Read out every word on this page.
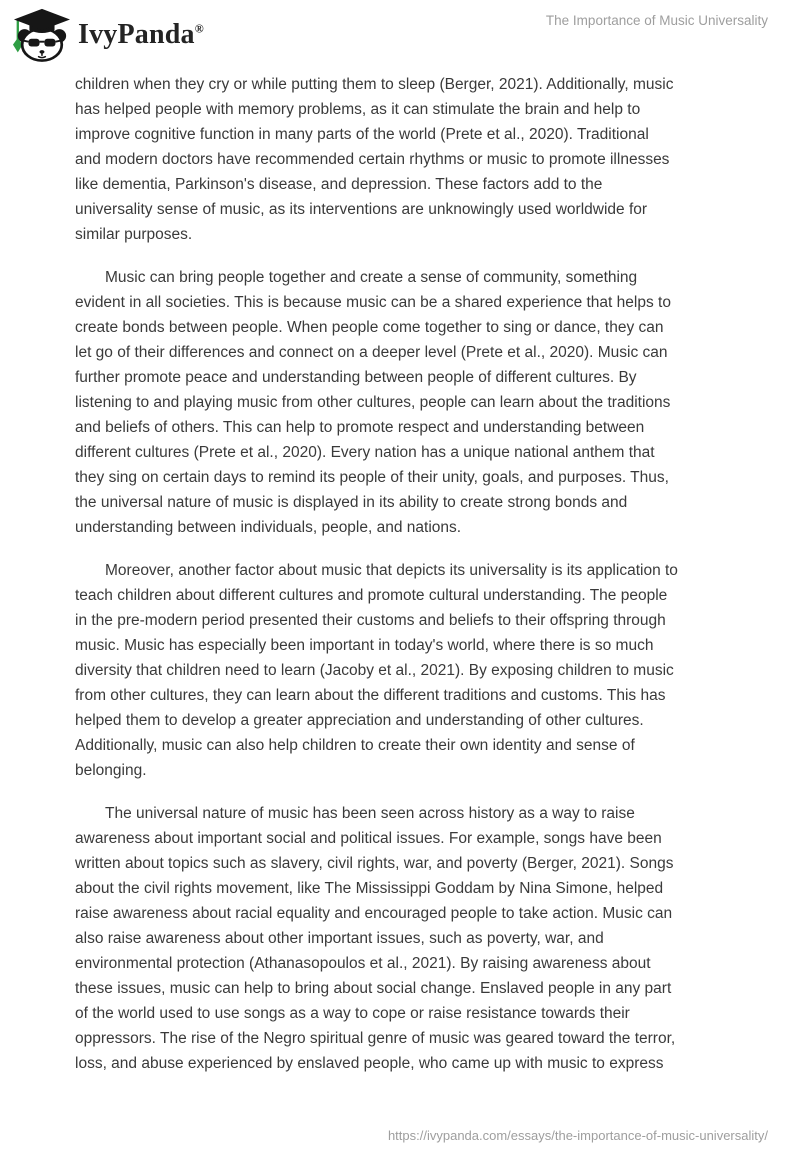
IvyPanda®
The Importance of Music Universality

children when they cry or while putting them to sleep (Berger, 2021). Additionally, music
has helped people with memory problems, as it can stimulate the brain and help to
improve cognitive function in many parts of the world (Prete et al., 2020). Traditional
and modern doctors have recommended certain rhythms or music to promote illnesses
like dementia, Parkinson's disease, and depression. These factors add to the
universality sense of music, as its interventions are unknowingly used worldwide for
similar purposes.

Music can bring people together and create a sense of community, something
evident in all societies. This is because music can be a shared experience that helps to
create bonds between people. When people come together to sing or dance, they can
let go of their differences and connect on a deeper level (Prete et al., 2020). Music can
further promote peace and understanding between people of different cultures. By
listening to and playing music from other cultures, people can learn about the traditions
and beliefs of others. This can help to promote respect and understanding between
different cultures (Prete et al., 2020). Every nation has a unique national anthem that
they sing on certain days to remind its people of their unity, goals, and purposes. Thus,
the universal nature of music is displayed in its ability to create strong bonds and
understanding between individuals, people, and nations.

Moreover, another factor about music that depicts its universality is its application to
teach children about different cultures and promote cultural understanding. The people
in the pre-modern period presented their customs and beliefs to their offspring through
music. Music has especially been important in today's world, where there is so much
diversity that children need to learn (Jacoby et al., 2021). By exposing children to music
from other cultures, they can learn about the different traditions and customs. This has
helped them to develop a greater appreciation and understanding of other cultures.
Additionally, music can also help children to create their own identity and sense of
belonging.

The universal nature of music has been seen across history as a way to raise
awareness about important social and political issues. For example, songs have been
written about topics such as slavery, civil rights, war, and poverty (Berger, 2021). Songs
about the civil rights movement, like The Mississippi Goddam by Nina Simone, helped
raise awareness about racial equality and encouraged people to take action. Music can
also raise awareness about other important issues, such as poverty, war, and
environmental protection (Athanasopoulos et al., 2021). By raising awareness about
these issues, music can help to bring about social change. Enslaved people in any part
of the world used to use songs as a way to cope or raise resistance towards their
oppressors. The rise of the Negro spiritual genre of music was geared toward the terror,
loss, and abuse experienced by enslaved people, who came up with music to express

https://ivypanda.com/essays/the-importance-of-music-universality/
